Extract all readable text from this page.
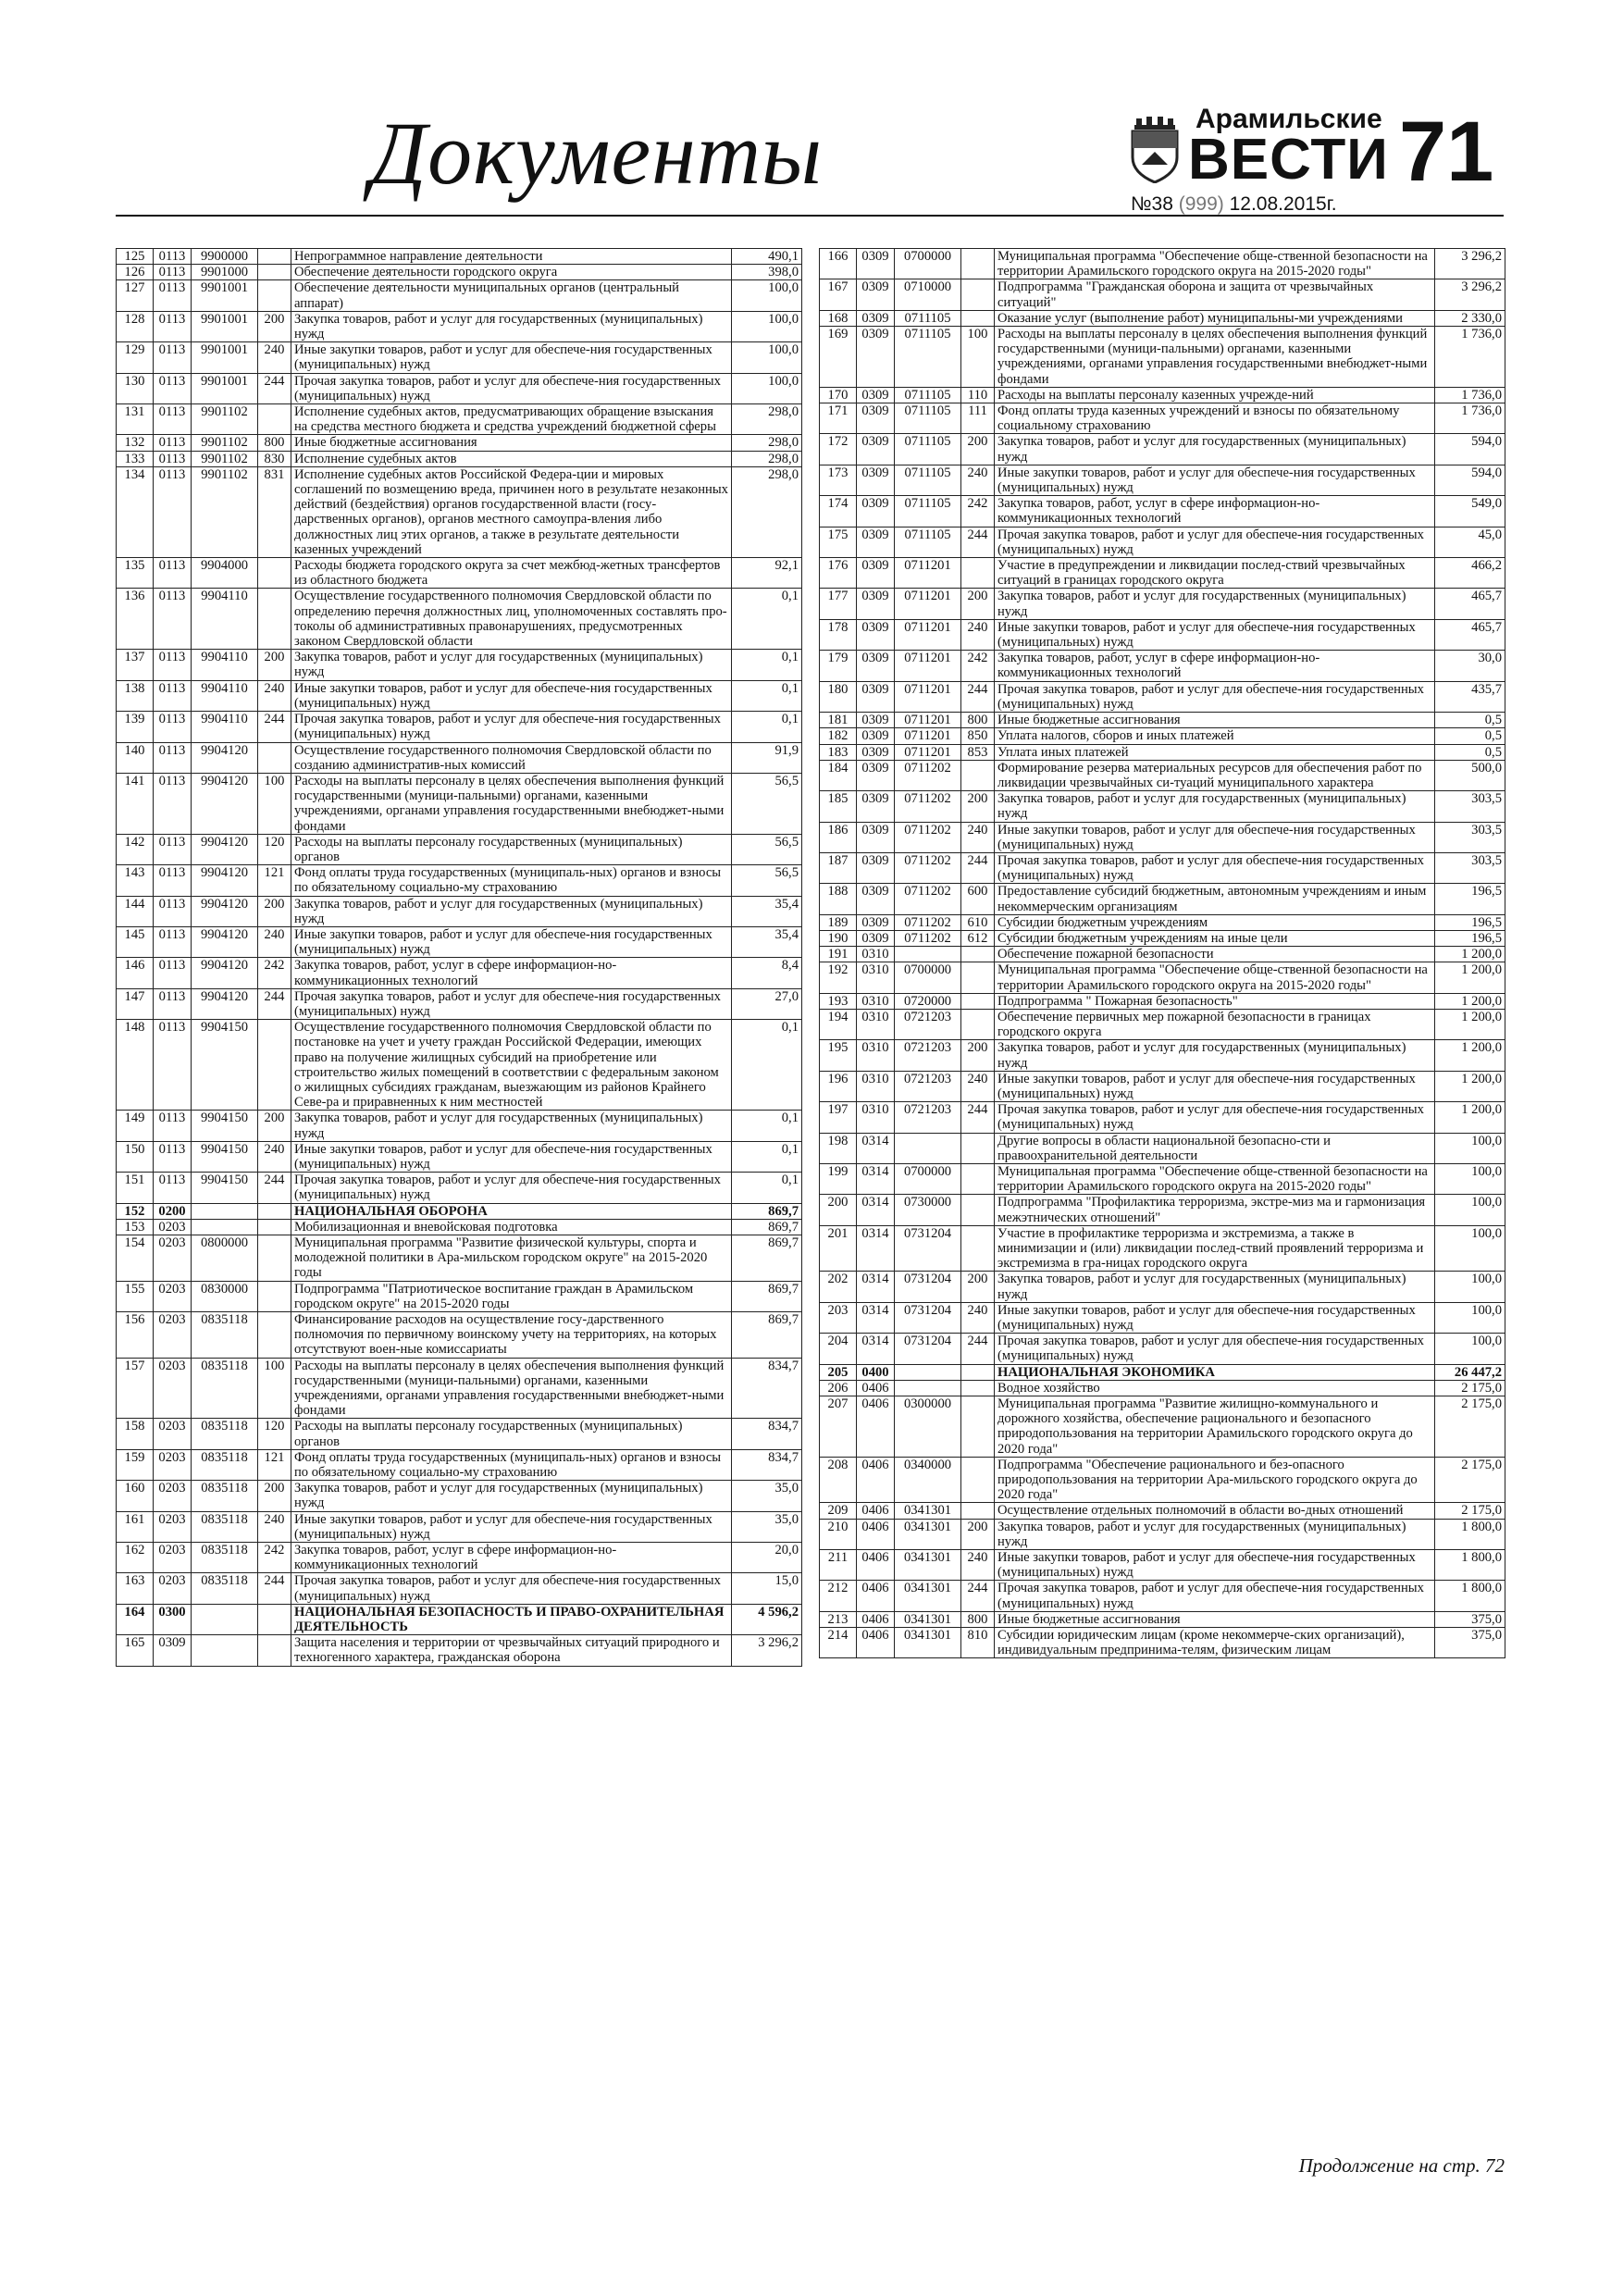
Документы	Арамильские
ВЕСТИ
№38 (999) 12.08.2015г.
71
125	0113	9900000		Непрограммное направление деятельности	490,1
126	0113	9901000		Обеспечение деятельности городского округа	398,0
127	0113	9901001		Обеспечение деятельности муниципальных органов (центральный аппарат)	100,0
128	0113	9901001	200	Закупка товаров, работ и услуг для государственных (муниципальных) нужд	100,0
129	0113	9901001	240	Иные закупки товаров, работ и услуг для обеспече-ния государственных (муниципальных) нужд	100,0
130	0113	9901001	244	Прочая закупка товаров, работ и услуг для обеспече-ния государственных (муниципальных) нужд	100,0
131	0113	9901102		Исполнение судебных актов, предусматривающих обращение взыскания на средства местного бюджета и средства учреждений бюджетной сферы	298,0
132	0113	9901102	800	Иные бюджетные ассигнования	298,0
133	0113	9901102	830	Исполнение судебных актов	298,0
134	0113	9901102	831	Исполнение судебных актов Российской Федера-ции и мировых соглашений по возмещению вреда, причинен ного в результате незаконных действий (бездействия) органов государственной власти (госу-дарственных органов), органов местного самоупра-вления либо должностных лиц этих органов, а также в результате деятельности казенных учреждений	298,0
135	0113	9904000		Расходы бюджета городского округа за счет межбюд-жетных трансфертов из областного бюджета	92,1
136	0113	9904110		Осуществление государственного полномочия Свердловской области по определению перечня должностных лиц, уполномоченных составлять про-токолы об административных правонарушениях, предусмотренных законом Свердловской области	0,1
137	0113	9904110	200	Закупка товаров, работ и услуг для государственных (муниципальных) нужд	0,1
138	0113	9904110	240	Иные закупки товаров, работ и услуг для обеспече-ния государственных (муниципальных) нужд	0,1
139	0113	9904110	244	Прочая закупка товаров, работ и услуг для обеспече-ния государственных (муниципальных) нужд	0,1
140	0113	9904120		Осуществление государственного полномочия Свердловской области по созданию административ-ных комиссий	91,9
141	0113	9904120	100	Расходы на выплаты персоналу в целях обеспечения выполнения функций государственными (муници-пальными) органами, казенными учреждениями, органами управления государственными внебюджет-ными фондами	56,5
142	0113	9904120	120	Расходы на выплаты персоналу государственных (муниципальных) органов	56,5
143	0113	9904120	121	Фонд оплаты труда государственных (муниципаль-ных) органов и взносы по обязательному социально-му страхованию	56,5
144	0113	9904120	200	Закупка товаров, работ и услуг для государственных (муниципальных) нужд	35,4
145	0113	9904120	240	Иные закупки товаров, работ и услуг для обеспече-ния государственных (муниципальных) нужд	35,4
146	0113	9904120	242	Закупка товаров, работ, услуг в сфере информацион-но-коммуникационных технологий	8,4
147	0113	9904120	244	Прочая закупка товаров, работ и услуг для обеспече-ния государственных (муниципальных) нужд	27,0
148	0113	9904150		Осуществление государственного полномочия Свердловской области по постановке на учет и учету граждан Российской Федерации, имеющих право на получение жилищных субсидий на приобретение или строительство жилых помещений в соответствии с федеральным законом о жилищных субсидиях гражданам, выезжающим из районов Крайнего Севе-ра и приравненных к ним местностей	0,1
149	0113	9904150	200	Закупка товаров, работ и услуг для государственных (муниципальных) нужд	0,1
150	0113	9904150	240	Иные закупки товаров, работ и услуг для обеспече-ния государственных (муниципальных) нужд	0,1
151	0113	9904150	244	Прочая закупка товаров, работ и услуг для обеспече-ния государственных (муниципальных) нужд	0,1
152	0200			НАЦИОНАЛЬНАЯ ОБОРОНА	869,7
153	0203			Мобилизационная и вневойсковая подготовка	869,7
154	0203	0800000		Муниципальная программа "Развитие физической культуры, спорта и молодежной политики в Ара-мильском городском округе" на 2015-2020 годы	869,7
155	0203	0830000		Подпрограмма "Патриотическое воспитание граждан в Арамильском городском округе" на 2015-2020 годы	869,7
156	0203	0835118		Финансирование расходов на осуществление госу-дарственного полномочия по первичному воинскому учету на территориях, на которых отсутствуют воен-ные комиссариаты	869,7
157	0203	0835118	100	Расходы на выплаты персоналу в целях обеспечения выполнения функций государственными (муници-пальными) органами, казенными учреждениями, органами управления государственными внебюджет-ными фондами	834,7
158	0203	0835118	120	Расходы на выплаты персоналу государственных (муниципальных) органов	834,7
159	0203	0835118	121	Фонд оплаты труда государственных (муниципаль-ных) органов и взносы по обязательному социально-му страхованию	834,7
160	0203	0835118	200	Закупка товаров, работ и услуг для государственных (муниципальных) нужд	35,0
161	0203	0835118	240	Иные закупки товаров, работ и услуг для обеспече-ния государственных (муниципальных) нужд	35,0
162	0203	0835118	242	Закупка товаров, работ, услуг в сфере информацион-но-коммуникационных технологий	20,0
163	0203	0835118	244	Прочая закупка товаров, работ и услуг для обеспече-ния государственных (муниципальных) нужд	15,0
164	0300			НАЦИОНАЛЬНАЯ БЕЗОПАСНОСТЬ И ПРАВО-ОХРАНИТЕЛЬНАЯ ДЕЯТЕЛЬНОСТЬ	4 596,2
165	0309			Защита населения и территории от чрезвычайных ситуаций природного и техногенного характера, гражданская оборона	3 296,2
166	0309	0700000		Муниципальная программа "Обеспечение обще-ственной безопасности на территории Арамильского городского округа на 2015-2020 годы"	3 296,2
167	0309	0710000		Подпрограмма "Гражданская оборона и защита от чрезвычайных ситуаций"	3 296,2
168	0309	0711105		Оказание услуг (выполнение работ) муниципальны-ми учреждениями	2 330,0
169	0309	0711105	100	Расходы на выплаты персоналу в целях обеспечения выполнения функций государственными (муници-пальными) органами, казенными учреждениями, органами управления государственными внебюджет-ными фондами	1 736,0
170	0309	0711105	110	Расходы на выплаты персоналу казенных учрежде-ний	1 736,0
171	0309	0711105	111	Фонд оплаты труда казенных учреждений и взносы по обязательному социальному страхованию	1 736,0
172	0309	0711105	200	Закупка товаров, работ и услуг для государственных (муниципальных) нужд	594,0
173	0309	0711105	240	Иные закупки товаров, работ и услуг для обеспече-ния государственных (муниципальных) нужд	594,0
174	0309	0711105	242	Закупка товаров, работ, услуг в сфере информацион-но-коммуникационных технологий	549,0
175	0309	0711105	244	Прочая закупка товаров, работ и услуг для обеспече-ния государственных (муниципальных) нужд	45,0
176	0309	0711201		Участие в предупреждении и ликвидации послед-ствий чрезвычайных ситуаций в границах городского округа	466,2
177	0309	0711201	200	Закупка товаров, работ и услуг для государственных (муниципальных) нужд	465,7
178	0309	0711201	240	Иные закупки товаров, работ и услуг для обеспече-ния государственных (муниципальных) нужд	465,7
179	0309	0711201	242	Закупка товаров, работ, услуг в сфере информацион-но-коммуникационных технологий	30,0
180	0309	0711201	244	Прочая закупка товаров, работ и услуг для обеспече-ния государственных (муниципальных) нужд	435,7
181	0309	0711201	800	Иные бюджетные ассигнования	0,5
182	0309	0711201	850	Уплата налогов, сборов и иных платежей	0,5
183	0309	0711201	853	Уплата иных платежей	0,5
184	0309	0711202		Формирование резерва материальных ресурсов для обеспечения работ по ликвидации чрезвычайных си-туаций муниципального характера	500,0
185	0309	0711202	200	Закупка товаров, работ и услуг для государственных (муниципальных) нужд	303,5
186	0309	0711202	240	Иные закупки товаров, работ и услуг для обеспече-ния государственных (муниципальных) нужд	303,5
187	0309	0711202	244	Прочая закупка товаров, работ и услуг для обеспече-ния государственных (муниципальных) нужд	303,5
188	0309	0711202	600	Предоставление субсидий бюджетным, автономным учреждениям и иным некоммерческим организациям	196,5
189	0309	0711202	610	Субсидии бюджетным учреждениям	196,5
190	0309	0711202	612	Субсидии бюджетным учреждениям на иные цели	196,5
191	0310			Обеспечение пожарной безопасности	1 200,0
192	0310	0700000		Муниципальная программа "Обеспечение обще-ственной безопасности на территории Арамильского городского округа на 2015-2020 годы"	1 200,0
193	0310	0720000		Подпрограмма " Пожарная безопасность"	1 200,0
194	0310	0721203		Обеспечение первичных мер пожарной безопасности в границах городского округа	1 200,0
195	0310	0721203	200	Закупка товаров, работ и услуг для государственных (муниципальных) нужд	1 200,0
196	0310	0721203	240	Иные закупки товаров, работ и услуг для обеспече-ния государственных (муниципальных) нужд	1 200,0
197	0310	0721203	244	Прочая закупка товаров, работ и услуг для обеспече-ния государственных (муниципальных) нужд	1 200,0
198	0314			Другие вопросы в области национальной безопасно-сти и правоохранительной деятельности	100,0
199	0314	0700000		Муниципальная программа "Обеспечение обще-ственной безопасности на территории Арамильского городского округа на 2015-2020 годы"	100,0
200	0314	0730000		Подпрограмма "Профилактика терроризма, экстре-миз ма и гармонизация межэтнических отношений"	100,0
201	0314	0731204		Участие в профилактике терроризма и экстремизма, а также в минимизации и (или) ликвидации послед-ствий проявлений терроризма и экстремизма в гра-ницах городского округа	100,0
202	0314	0731204	200	Закупка товаров, работ и услуг для государственных (муниципальных) нужд	100,0
203	0314	0731204	240	Иные закупки товаров, работ и услуг для обеспече-ния государственных (муниципальных) нужд	100,0
204	0314	0731204	244	Прочая закупка товаров, работ и услуг для обеспече-ния государственных (муниципальных) нужд	100,0
205	0400			НАЦИОНАЛЬНАЯ ЭКОНОМИКА	26 447,2
206	0406			Водное хозяйство	2 175,0
207	0406	0300000		Муниципальная программа "Развитие жилищно-коммунального и дорожного хозяйства, обеспечение рационального и безопасного природопользования на территории Арамильского городского округа до 2020 года"	2 175,0
208	0406	0340000		Подпрограмма "Обеспечение рационального и без-опасного природопользования на территории Ара-мильского городского округа до 2020 года"	2 175,0
209	0406	0341301		Осуществление отдельных полномочий в области во-дных отношений	2 175,0
210	0406	0341301	200	Закупка товаров, работ и услуг для государственных (муниципальных) нужд	1 800,0
211	0406	0341301	240	Иные закупки товаров, работ и услуг для обеспече-ния государственных (муниципальных) нужд	1 800,0
212	0406	0341301	244	Прочая закупка товаров, работ и услуг для обеспече-ния государственных (муниципальных) нужд	1 800,0
213	0406	0341301	800	Иные бюджетные ассигнования	375,0
214	0406	0341301	810	Субсидии юридическим лицам (кроме некоммерче-ских организаций), индивидуальным предпринима-телям, физическим лицам	375,0
Продолжение на стр. 72
